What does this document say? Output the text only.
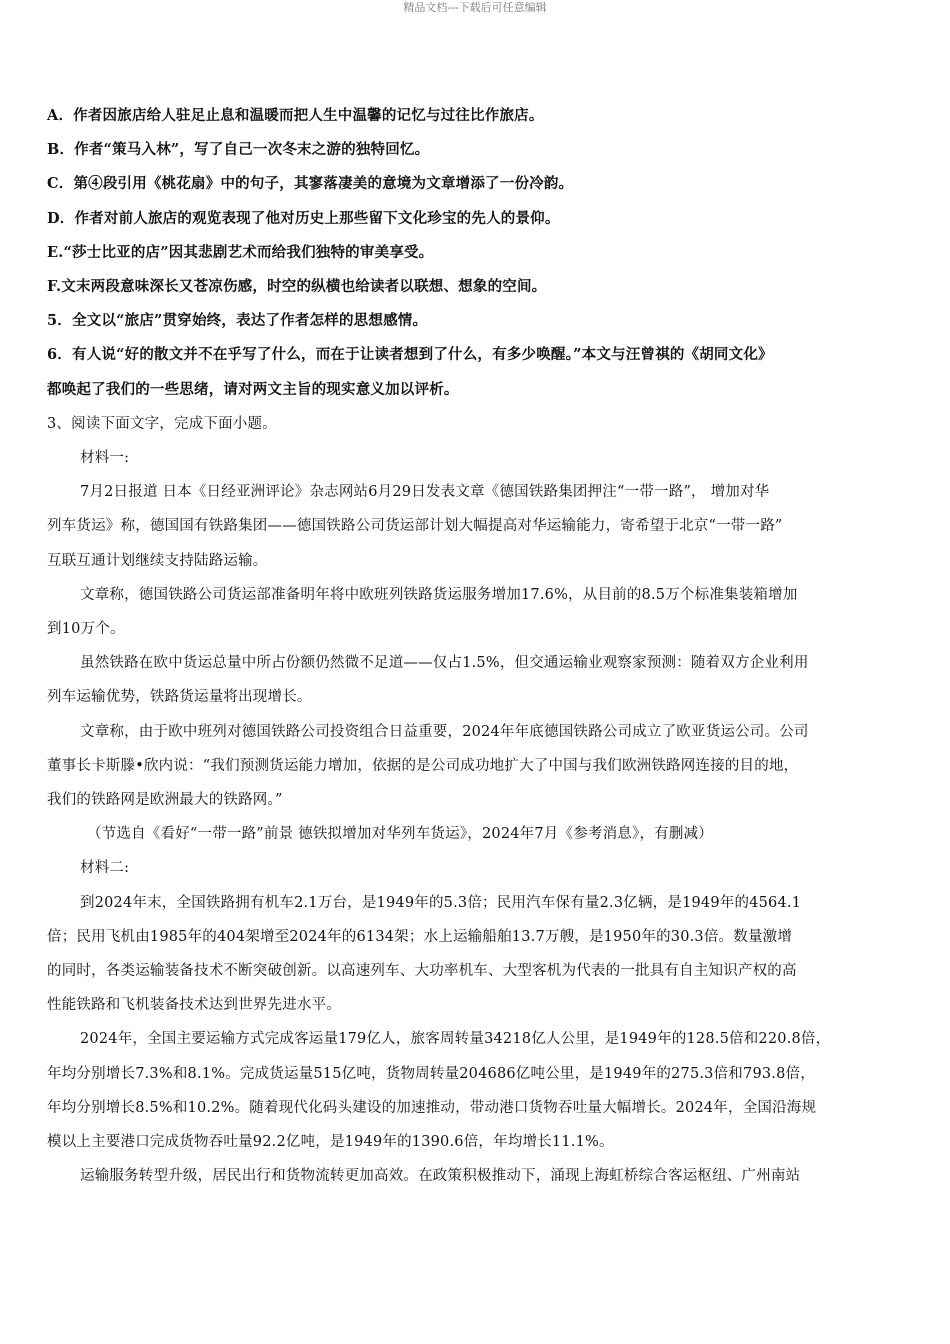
精品文档---下载后可任意编辑
A．作者因旅店给人驻足止息和温暖而把人生中温馨的记忆与过往比作旅店。
B．作者“策马入林”，写了自己一次冬末之游的独特回忆。
C．第④段引用《桃花扇》中的句子，其寥落凄美的意境为文章增添了一份冷韵。
D．作者对前人旅店的观览表现了他对历史上那些留下文化珍宝的先人的景仰。
E.“莎士比亚的店”因其悲剧艺术而给我们独特的审美享受。
F.文末两段意味深长又苍凉伤感，时空的纵横也给读者以联想、想象的空间。
5．全文以“旅店”贯穿始终，表达了作者怎样的思想感情。
6．有人说“好的散文并不在乎写了什么，而在于让读者想到了什么，有多少唤醒。”本文与汪曾祺的《胡同文化》
都唤起了我们的一些思绪，请对两文主旨的现实意义加以评析。
3、阅读下面文字，完成下面小题。
材料一:
7月2日报道 日本《日经亚洲评论》杂志网站6月29日发表文章《德国铁路集团押注“一带一路”， 增加对华
列车货运》称，德国国有铁路集团——德国铁路公司货运部计划大幅提高对华运输能力，寄希望于北京“一带一路”
互联互通计划继续支持陆路运输。
文章称，德国铁路公司货运部准备明年将中欧班列铁路货运服务增加17.6%，从目前的8.5万个标准集装箱增加
到10万个。
虽然铁路在欧中货运总量中所占份额仍然微不足道——仅占1.5%，但交通运输业观察家预测：随着双方企业利用
列车运输优势，铁路货运量将出现增长。
文章称，由于欧中班列对德国铁路公司投资组合日益重要，2024年年底德国铁路公司成立了欧亚货运公司。公司
董事长卡斯滕•欣内说：“我们预测货运能力增加，依据的是公司成功地扩大了中国与我们欧洲铁路网连接的目的地，
我们的铁路网是欧洲最大的铁路网。”
（节选自《看好“一带一路”前景 德铁拟增加对华列车货运》，2024年7月《参考消息》，有删减）
材料二:
到2024年末，全国铁路拥有机车2.1万台，是1949年的5.3倍；民用汽车保有量2.3亿辆，是1949年的4564.1
倍；民用飞机由1985年的404架增至2024年的6134架；水上运输船舶13.7万艘，是1950年的30.3倍。数量激增
的同时，各类运输装备技术不断突破创新。以高速列车、大功率机车、大型客机为代表的一批具有自主知识产权的高
性能铁路和飞机装备技术达到世界先进水平。
2024年，全国主要运输方式完成客运量179亿人，旅客周转量34218亿人公里，是1949年的128.5倍和220.8倍，
年均分别增长7.3%和8.1%。完成货运量515亿吨，货物周转量204686亿吨公里，是1949年的275.3倍和793.8倍，
年均分别增长8.5%和10.2%。随着现代化码头建设的加速推动，带动港口货物吞吐量大幅增长。2024年，全国沿海规
模以上主要港口完成货物吞吐量92.2亿吨，是1949年的1390.6倍，年均增长11.1%。
运输服务转型升级，居民出行和货物流转更加高效。在政策积极推动下，涌现上海虹桥综合客运枢纽、广州南站
